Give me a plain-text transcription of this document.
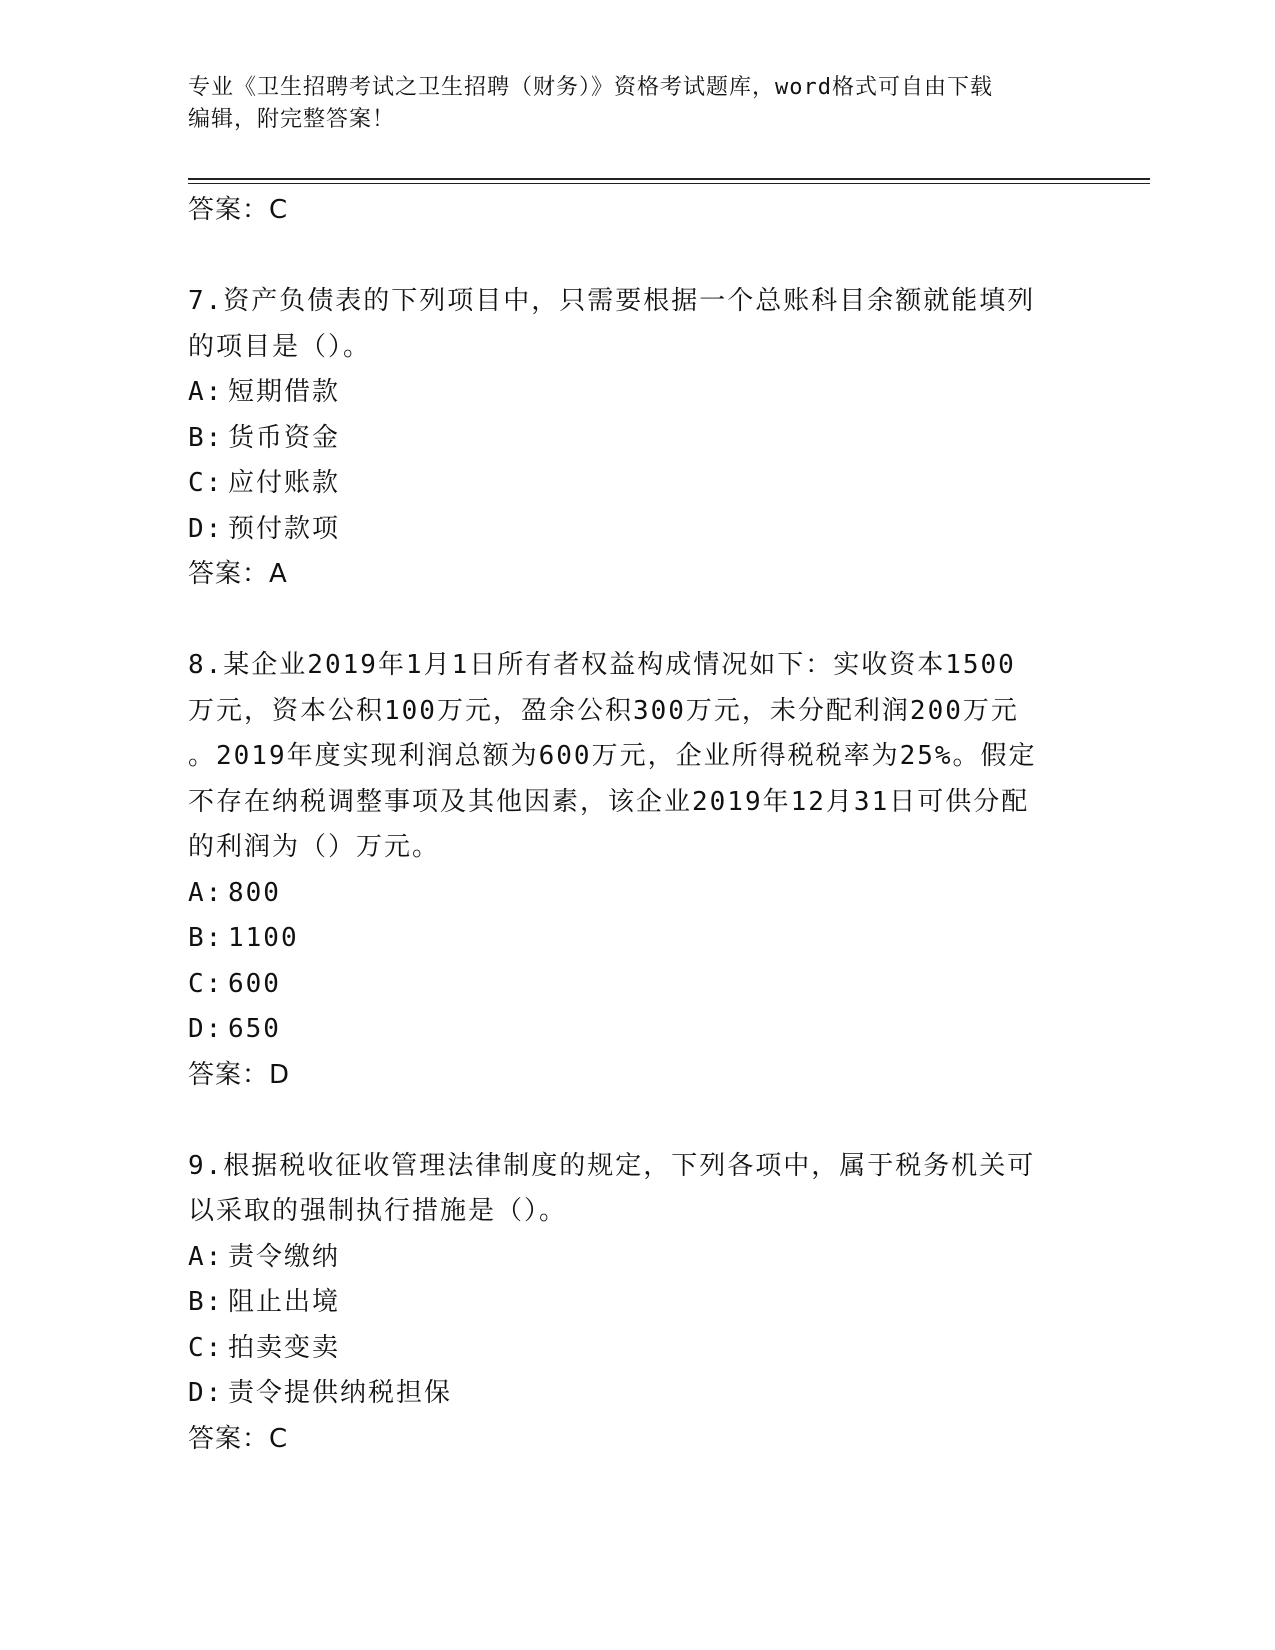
专业《卫生招聘考试之卫生招聘（财务）》资格考试题库，word格式可自由下载
编辑，附完整答案！
答案：C
7.资产负债表的下列项目中，只需要根据一个总账科目余额就能填列
的项目是（）。
A: 短期借款
B: 货币资金
C: 应付账款
D: 预付款项
答案：A
8.某企业2019年1月1日所有者权益构成情况如下：实收资本1500
万元，资本公积100万元，盈余公积300万元，未分配利润200万元
。2019年度实现利润总额为600万元，企业所得税税率为25%。假定
不存在纳税调整事项及其他因素，该企业2019年12月31日可供分配
的利润为（）万元。
A: 800
B: 1100
C: 600
D: 650
答案：D
9.根据税收征收管理法律制度的规定，下列各项中，属于税务机关可
以采取的强制执行措施是（）。
A: 责令缴纳
B: 阻止出境
C: 拍卖变卖
D: 责令提供纳税担保
答案：C
